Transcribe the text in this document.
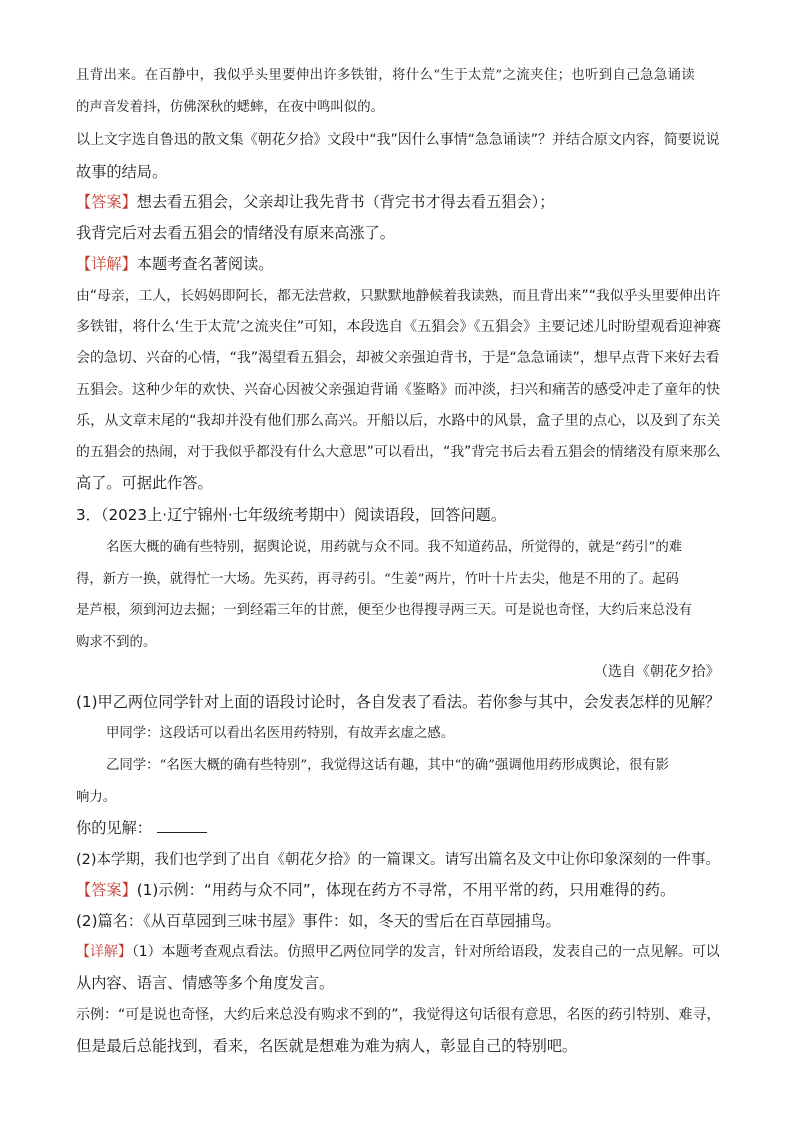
且背出来。在百静中，我似乎头里要伸出许多铁钳，将什么“生于太荒”之流夹住；也听到自己急急诵读
的声音发着抖，仿佛深秋的蟋蟀，在夜中鸣叫似的。
以上文字选自鲁迅的散文集《朝花夕拾》文段中“我”因什么事情“急急诵读”？并结合原文内容，简要说说
故事的结局。
【答案】想去看五猖会，父亲却让我先背书（背完书才得去看五猖会）；
我背完后对去看五猖会的情绪没有原来高涨了。
【详解】本题考查名著阅读。
由“母亲，工人，长妈妈即阿长，都无法营救，只默默地静候着我读熟，而且背出来”“我似乎头里要伸出许
多铁钳，将什么‘生于太荒’之流夹住”可知，本段选自《五猖会》《五猖会》主要记述儿时盼望观看迎神赛
会的急切、兴奋的心情，“我”渴望看五猖会，却被父亲强迫背书，于是“急急诵读”，想早点背下来好去看
五猖会。这种少年的欢快、兴奋心因被父亲强迫背诵《鉴略》而冲淡，扫兴和痛苦的感受冲走了童年的快
乐，从文章末尾的“我却并没有他们那么高兴。开船以后，水路中的风景，盒子里的点心，以及到了东关
的五猖会的热闹，对于我似乎都没有什么大意思”可以看出，“我”背完书后去看五猖会的情绪没有原来那么
高了。可据此作答。
3．（2023上·辽宁锦州·七年级统考期中）阅读语段，回答问题。
名医大概的确有些特别，据舆论说，用药就与众不同。我不知道药品，所觉得的，就是“药引”的难
得，新方一换，就得忙一大场。先买药，再寻药引。“生姜”两片，竹叶十片去尖，他是不用的了。起码
是芦根，须到河边去掘；一到经霜三年的甘蔗，便至少也得搜寻两三天。可是说也奇怪，大约后来总没有
购求不到的。
（选自《朝花夕拾》
(1)甲乙两位同学针对上面的语段讨论时，各自发表了看法。若你参与其中，会发表怎样的见解？
甲同学：这段话可以看出名医用药特别，有故弄玄虚之感。
乙同学：“名医大概的确有些特别”，我觉得这话有趣，其中“的确”强调他用药形成舆论，很有影
响力。
你的见解：
(2)本学期，我们也学到了出自《朝花夕拾》的一篇课文。请写出篇名及文中让你印象深刻的一件事。
【答案】(1)示例：“用药与众不同”，体现在药方不寻常，不用平常的药，只用难得的药。
(2)篇名：《从百草园到三味书屋》事件：如，冬天的雪后在百草园捕鸟。
【详解】（1）本题考查观点看法。仿照甲乙两位同学的发言，针对所给语段，发表自己的一点见解。可以
从内容、语言、情感等多个角度发言。
示例：“可是说也奇怪，大约后来总没有购求不到的”，我觉得这句话很有意思，名医的药引特别、难寻，
但是最后总能找到，看来，名医就是想难为难为病人，彰显自己的特别吧。
